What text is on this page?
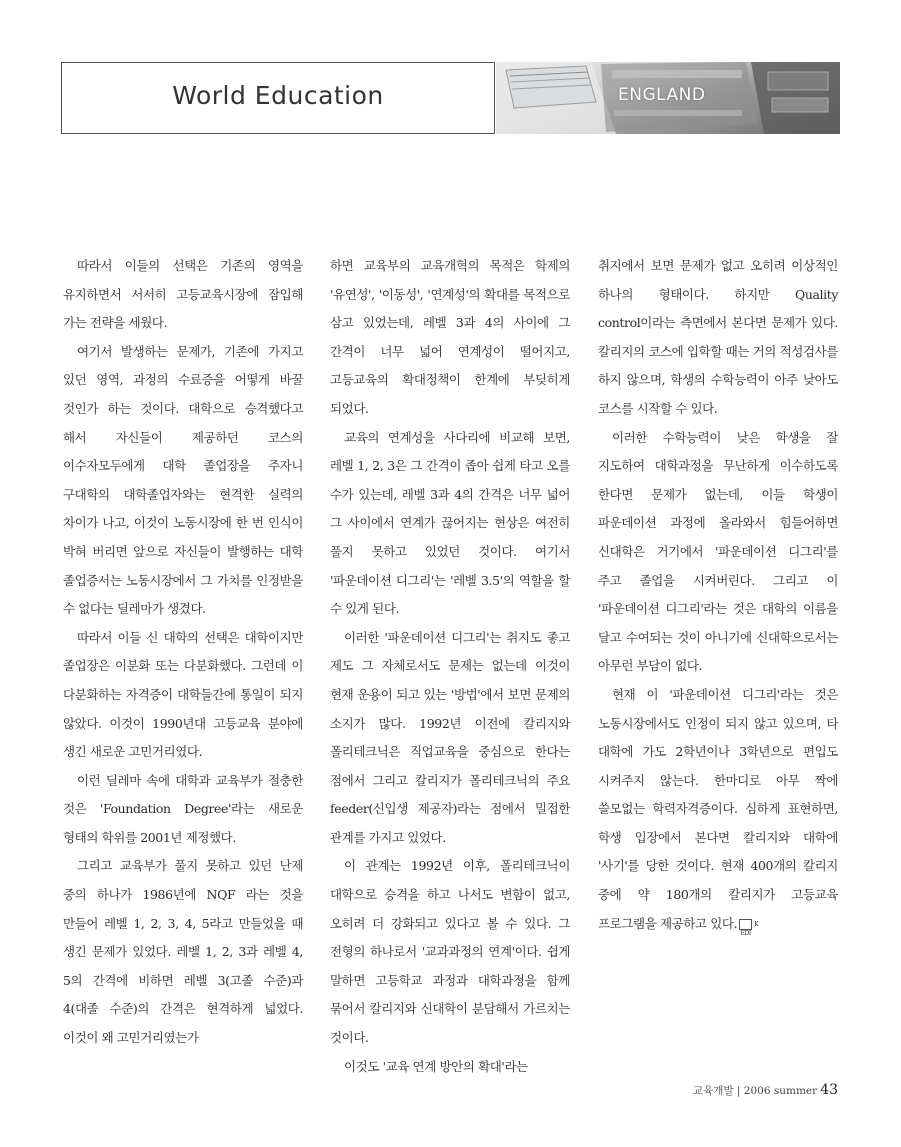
World Education	ENGLAND

따라서 이들의 선택은 기존의 영역을 유지하면서 서서히 고등교육시장에 잠입해 가는 전략을 세웠다.

여기서 발생하는 문제가, 기존에 가지고 있던 영역, 과정의 수료증을 어떻게 바꿀 것인가 하는 것이다. 대학으로 승격했다고 해서 자신들이 제공하던 코스의 이수자모두에게 대학 졸업장을 주자니 구대학의 대학졸업자와는 현격한 실력의 차이가 나고, 이것이 노동시장에 한 번 인식이 박혀 버리면 앞으로 자신들이 발행하는 대학 졸업증서는 노동시장에서 그 가치를 인정받을 수 없다는 딜레마가 생겼다.

따라서 이들 신 대학의 선택은 대학이지만 졸업장은 이분화 또는 다분화했다. 그런데 이 다분화하는 자격증이 대학들간에 통일이 되지 않았다. 이것이 1990년대 고등교육 분야에 생긴 새로운 고민거리였다.

이런 딜레마 속에 대학과 교육부가 절충한 것은 'Foundation Degree'라는 새로운 형태의 학위를 2001년 제정했다.

그리고 교육부가 풀지 못하고 있던 난제 중의 하나가 1986년에 NQF 라는 것을 만들어 레벨 1, 2, 3, 4, 5라고 만들었을 때 생긴 문제가 있었다. 레벨 1, 2, 3과 레벨 4, 5의 간격에 비하면 레벨 3(고졸 수준)과 4(대졸 수준)의 간격은 현격하게 넓었다. 이것이 왜 고민거리였는가

하면 교육부의 교육개혁의 목적은 학제의 '유연성', '이동성', '연계성'의 확대를 목적으로 삼고 있었는데, 레벨 3과 4의 사이에 그 간격이 너무 넓어 연계성이 떨어지고, 고등교육의 확대정책이 한계에 부딪히게 되었다.

교육의 연계성을 사다리에 비교해 보면, 레벨 1, 2, 3은 그 간격이 좁아 쉽게 타고 오를 수가 있는데, 레벨 3과 4의 간격은 너무 넓어 그 사이에서 연계가 끊어지는 현상은 여전히 풀지 못하고 있었던 것이다. 여기서 '파운데이션 디그리'는 '레벨 3.5'의 역할을 할 수 있게 된다.

이러한 '파운데이션 디그리'는 취지도 좋고 제도 그 자체로서도 문제는 없는데 이것이 현재 운용이 되고 있는 '방법'에서 보면 문제의 소지가 많다. 1992년 이전에 칼리지와 폴리테크닉은 직업교육을 중심으로 한다는 점에서 그리고 칼리지가 폴리테크닉의 주요 feeder(신입생 제공자)라는 점에서 밀접한 관계를 가지고 있었다.

이 관계는 1992년 이후, 폴리테크닉이 대학으로 승격을 하고 나서도 변함이 없고, 오히려 더 강화되고 있다고 볼 수 있다. 그 전형의 하나로서 '교과과정의 연계'이다. 쉽게 말하면 고등학교 과정과 대학과정을 함께 묶어서 칼리지와 신대학이 분담해서 가르치는 것이다.

이것도 '교육 연계 방안의 확대'라는

취지에서 보면 문제가 없고 오히려 이상적인 하나의 형태이다. 하지만 Quality control이라는 측면에서 본다면 문제가 있다. 칼리지의 코스에 입학할 때는 거의 적성검사를 하지 않으며, 학생의 수학능력이 아주 낮아도 코스를 시작할 수 있다.

이러한 수학능력이 낮은 학생을 잘 지도하여 대학과정을 무난하게 이수하도록 한다면 문제가 없는데, 이들 학생이 파운데이션 과정에 올라와서 힘들어하면 신대학은 거기에서 '파운데이션 디그리'를 주고 졸업을 시켜버린다. 그리고 이 '파운데이션 디그리'라는 것은 대학의 이름을 달고 수여되는 것이 아니기에 신대학으로서는 아무런 부담이 없다.

현재 이 '파운데이션 디그리'라는 것은 노동시장에서도 인정이 되지 않고 있으며, 타 대학에 가도 2학년이나 3학년으로 편입도 시켜주지 않는다. 한마디로 아무 짝에 쓸모없는 학력자격증이다. 심하게 표현하면, 학생 입장에서 본다면 칼리지와 대학에 '사기'를 당한 것이다. 현재 400개의 칼리지 중에 약 180개의 칼리지가 고등교육 프로그램을 제공하고 있다.	KEDI

교육개발 | 2006 summer 43
